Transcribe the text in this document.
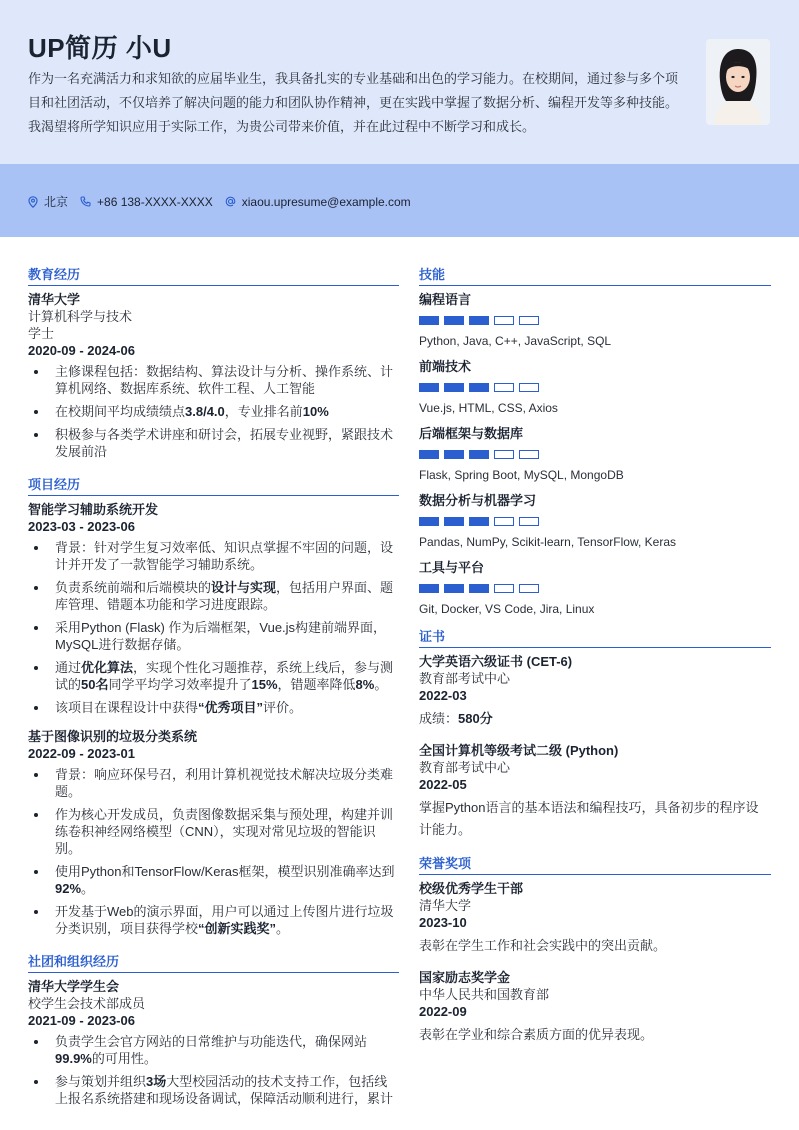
UP简历 小U
作为一名充满活力和求知欲的应届毕业生，我具备扎实的专业基础和出色的学习能力。在校期间，通过参与多个项目和社团活动，不仅培养了解决问题的能力和团队协作精神，更在实践中掌握了数据分析、编程开发等多种技能。我渴望将所学知识应用于实际工作，为贵公司带来价值，并在此过程中不断学习和成长。
北京 +86 138-XXXX-XXXX xiaou.upresume@example.com
教育经历
清华大学
计算机科学与技术
学士
2020-09 - 2024-06
主修课程包括：数据结构、算法设计与分析、操作系统、计算机网络、数据库系统、软件工程、人工智能
在校期间平均成绩绩点3.8/4.0，专业排名前10%
积极参与各类学术讲座和研讨会，拓展专业视野，紧跟技术发展前沿
项目经历
智能学习辅助系统开发
2023-03 - 2023-06
背景：针对学生复习效率低、知识点掌握不牢固的问题，设计并开发了一款智能学习辅助系统。
负责系统前端和后端模块的设计与实现，包括用户界面、题库管理、错题本功能和学习进度跟踪。
采用Python (Flask) 作为后端框架，Vue.js构建前端界面，MySQL进行数据存储。
通过优化算法，实现个性化习题推荐，系统上线后，参与测试的50名同学平均学习效率提升了15%，错题率降低8%。
该项目在课程设计中获得“优秀项目”评价。
基于图像识别的垃圾分类系统
2022-09 - 2023-01
背景：响应环保号召，利用计算机视觉技术解决垃圾分类难题。
作为核心开发成员，负责图像数据采集与预处理，构建并训练卷积神经网络模型（CNN），实现对常见垃圾的智能识别。
使用Python和TensorFlow/Keras框架，模型识别准确率达到92%。
开发基于Web的演示界面，用户可以通过上传图片进行垃圾分类识别，项目获得学校“创新实践奖”。
社团和组织经历
清华大学学生会
校学生会技术部成员
2021-09 - 2023-06
负责学生会官方网站的日常维护与功能迭代，确保网站99.9%的可用性。
参与策划并组织3场大型校园活动的技术支持工作，包括线上报名系统搭建和现场设备调试，保障活动顺利进行，累计
技能
编程语言
Python, Java, C++, JavaScript, SQL
前端技术
Vue.js, HTML, CSS, Axios
后端框架与数据库
Flask, Spring Boot, MySQL, MongoDB
数据分析与机器学习
Pandas, NumPy, Scikit-learn, TensorFlow, Keras
工具与平台
Git, Docker, VS Code, Jira, Linux
证书
大学英语六级证书 (CET-6)
教育部考试中心
2022-03
成绩：580分
全国计算机等级考试二级 (Python)
教育部考试中心
2022-05
掌握Python语言的基本语法和编程技巧，具备初步的程序设计能力。
荣誉奖项
校级优秀学生干部
清华大学
2023-10
表彰在学生工作和社会实践中的突出贡献。
国家励志奖学金
中华人民共和国教育部
2022-09
表彰在学业和综合素质方面的优异表现。
